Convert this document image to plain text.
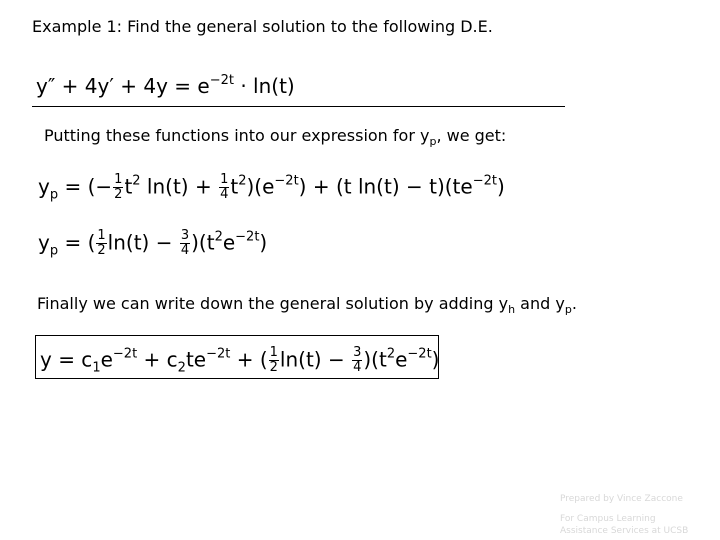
Example 1: Find the general solution to the following D.E.
$y'' + 4y' + 4y = e^{-2t} \cdot \ln(t)$
Putting these functions into our expression for $y_p$, we get:
$y_p$ = (− $\frac{1}{2} t^2$ $\ln(t) + \frac{1}{4} t^2)(e^{-2t}) + (t$ $\ln(t) - t)(te^{-2t})$
$y_p$ = ( $\frac{1}{2} \ln(t) - \frac{3}{4} )(t^2e^{-2t})$
Finally we can write down the general solution by adding $y_h$ and $y_p$.
$y = c_1e^{-2t} + c_2te^{-2t}$ + ( $\frac{1}{2} \ln(t) - \frac{3}{4} )(t^2e^{-2t})$
Prepared by Vince Zaccone
For Campus Learning
Assistance Services at UCSB
